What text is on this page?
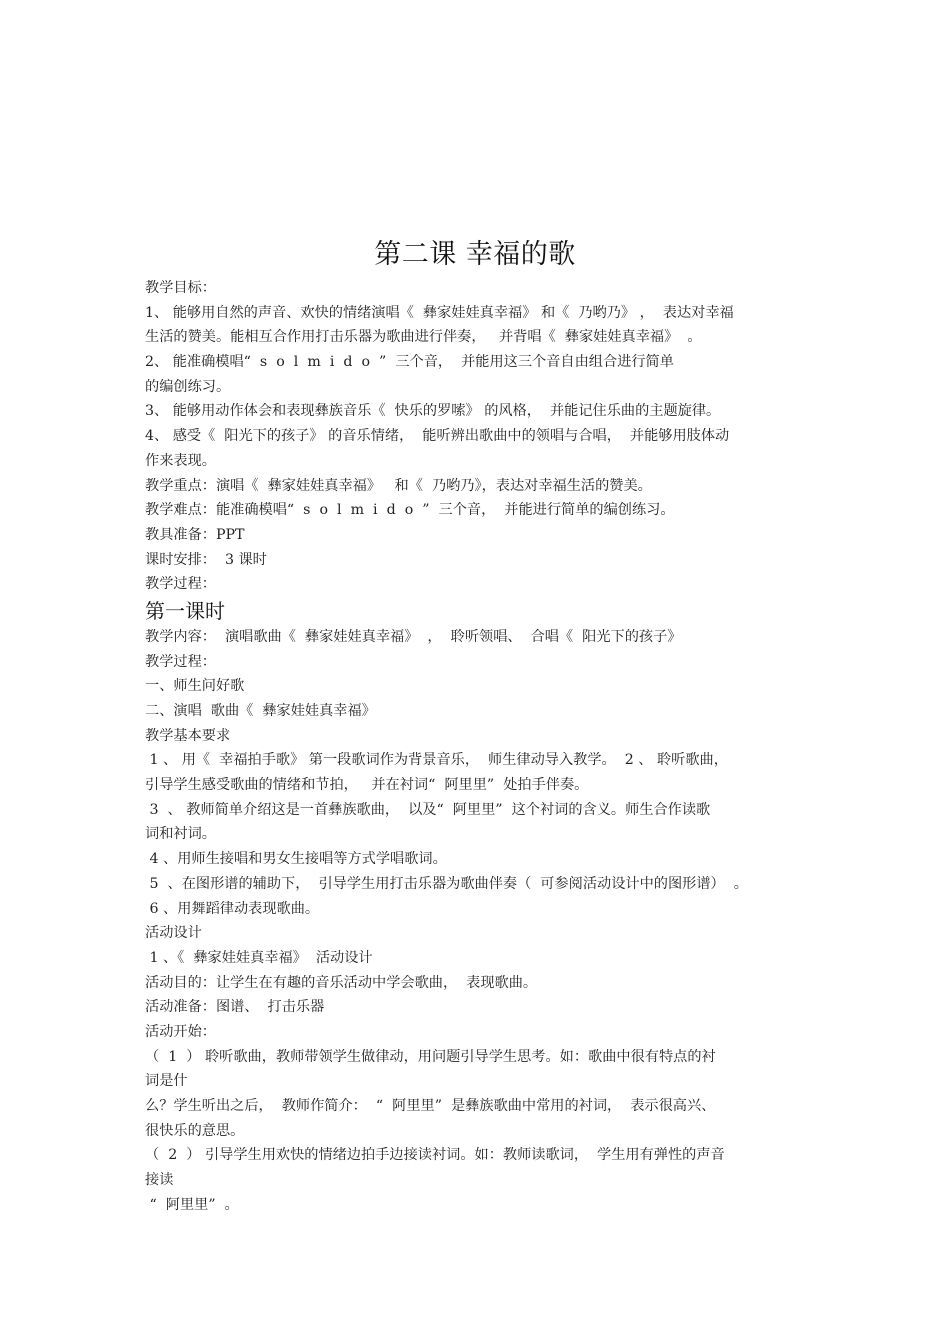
第二课 幸福的歌
教学目标：
1、 能够用自然的声音、欢快的情绪演唱《  彝家娃娃真幸福》 和《  乃哟乃》 ，  表达对幸福
生活的赞美。能相互合作用打击乐器为歌曲进行伴奏，   并背唱《  彝家娃娃真幸福》  。
2、 能准确模唱“  s  o  l  m  i  d  o  ”  三个音，  并能用这三个音自由组合进行简单
的编创练习。
3、 能够用动作体会和表现彝族音乐《  快乐的罗嗦》 的风格，  并能记住乐曲的主题旋律。
4、 感受《  阳光下的孩子》 的音乐情绪，  能听辨出歌曲中的领唱与合唱，  并能够用肢体动
作来表现。
教学重点：演唱《  彝家娃娃真幸福》   和《  乃哟乃》，表达对幸福生活的赞美。
教学难点：能准确模唱“  s  o  l  m  i  d  o  ”  三个音，  并能进行简单的编创练习。
教具准备：PPT
课时安排：  3 课时
教学过程：
第一课时
教学内容：  演唱歌曲《  彝家娃娃真幸福》  ，  聆听领唱、  合唱《  阳光下的孩子》
教学过程：
一、师生问好歌
二、演唱  歌曲《  彝家娃娃真幸福》
教学基本要求
1 、 用《  幸福拍手歌》 第一段歌词作为背景音乐，  师生律动导入教学。  2 、 聆听歌曲，
引导学生感受歌曲的情绪和节拍，   并在衬词“  阿里里”  处拍手伴奏。
3  、 教师简单介绍这是一首彝族歌曲，  以及“  阿里里”  这个衬词的含义。师生合作读歌
词和衬词。
4 、用师生接唱和男女生接唱等方式学唱歌词。
5  、在图形谱的辅助下，  引导学生用打击乐器为歌曲伴奏（  可参阅活动设计中的图形谱）  。
6 、用舞蹈律动表现歌曲。
活动设计
1 、《  彝家娃娃真幸福》  活动设计
活动目的：让学生在有趣的音乐活动中学会歌曲，  表现歌曲。
活动准备：图谱、  打击乐器
活动开始：
（  1  ） 聆听歌曲，教师带领学生做律动，用问题引导学生思考。如：歌曲中很有特点的衬
词是什
么？学生听出之后，  教师作简介：  “  阿里里”  是彝族歌曲中常用的衬词，  表示很高兴、
很快乐的意思。
（  2  ） 引导学生用欢快的情绪边拍手边接读衬词。如：教师读歌词，  学生用有弹性的声音
接读
“  阿里里”  。
